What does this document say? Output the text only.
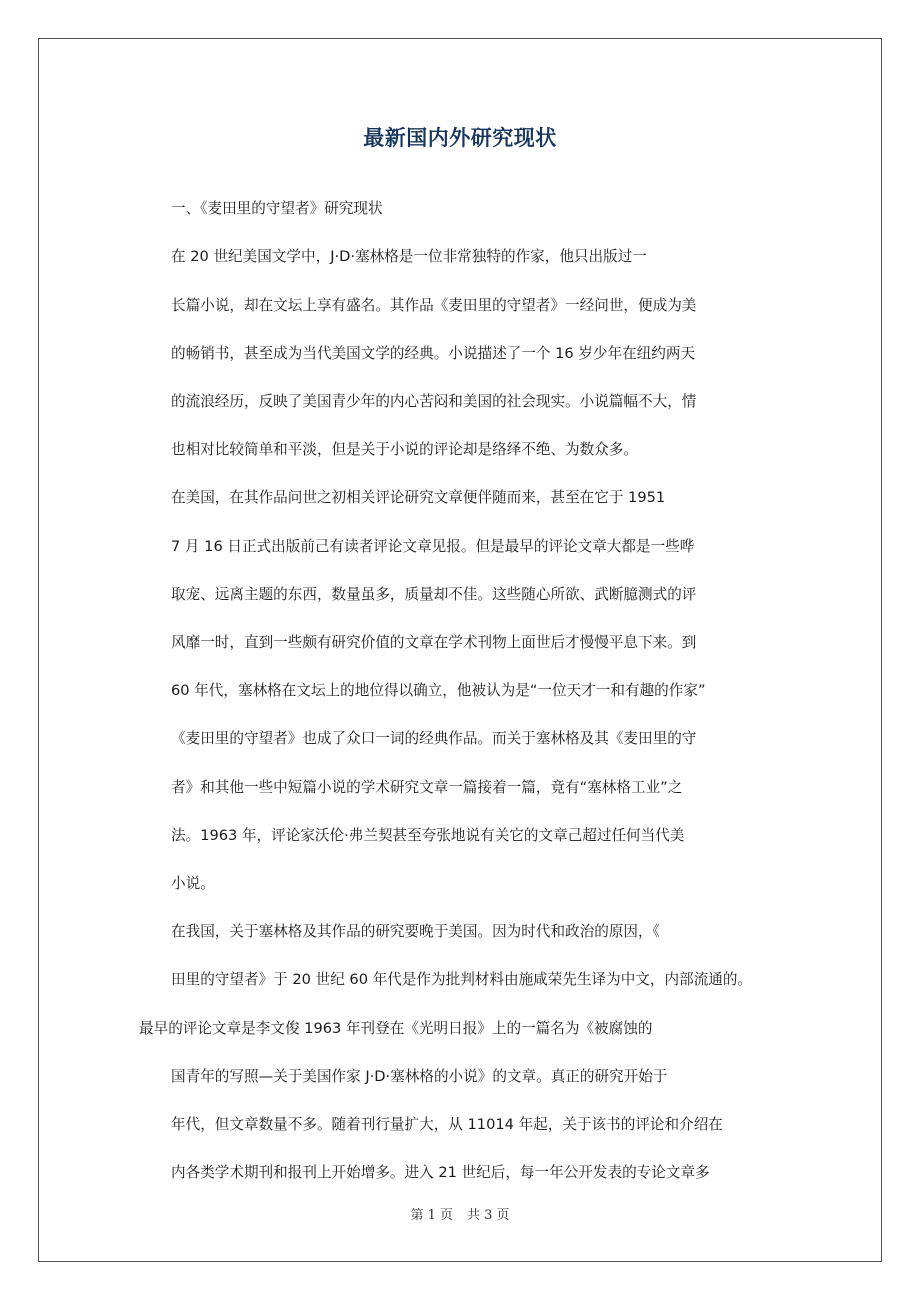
最新国内外研究现状
一、《麦田里的守望者》研究现状
在 20 世纪美国文学中，J·D·塞林格是一位非常独特的作家，他只出版过一
长篇小说，却在文坛上享有盛名。其作品《麦田里的守望者》一经问世，便成为美
的畅销书，甚至成为当代美国文学的经典。小说描述了一个 16 岁少年在纽约两天
的流浪经历，反映了美国青少年的内心苦闷和美国的社会现实。小说篇幅不大，情
也相对比较简单和平淡，但是关于小说的评论却是络绎不绝、为数众多。
在美国，在其作品问世之初相关评论研究文章便伴随而来，甚至在它于 1951
7 月 16 日正式出版前己有读者评论文章见报。但是最早的评论文章大都是一些哗
取宠、远离主题的东西，数量虽多，质量却不佳。这些随心所欲、武断臆测式的评
风靡一时，直到一些颇有研究价值的文章在学术刊物上面世后才慢慢平息下来。到
60 年代，塞林格在文坛上的地位得以确立，他被认为是“一位天才一和有趣的作家”
《麦田里的守望者》也成了众口一词的经典作品。而关于塞林格及其《麦田里的守
者》和其他一些中短篇小说的学术研究文章一篇接着一篇，竟有“塞林格工业”之
法。1963 年，评论家沃伦·弗兰契甚至夸张地说有关它的文章己超过任何当代美
小说。
在我国，关于塞林格及其作品的研究要晚于美国。因为时代和政治的原因，《
田里的守望者》于 20 世纪 60 年代是作为批判材料由施咸荣先生译为中文，内部流通的。
最早的评论文章是李文俊 1963 年刊登在《光明日报》上的一篇名为《被腐蚀的
国青年的写照—关于美国作家 J·D·塞林格的小说》的文章。真正的研究开始于
年代，但文章数量不多。随着刊行量扩大，从 11014 年起，关于该书的评论和介绍在
内各类学术期刊和报刊上开始增多。进入 21 世纪后，每一年公开发表的专论文章多
第 1 页 共 3 页
